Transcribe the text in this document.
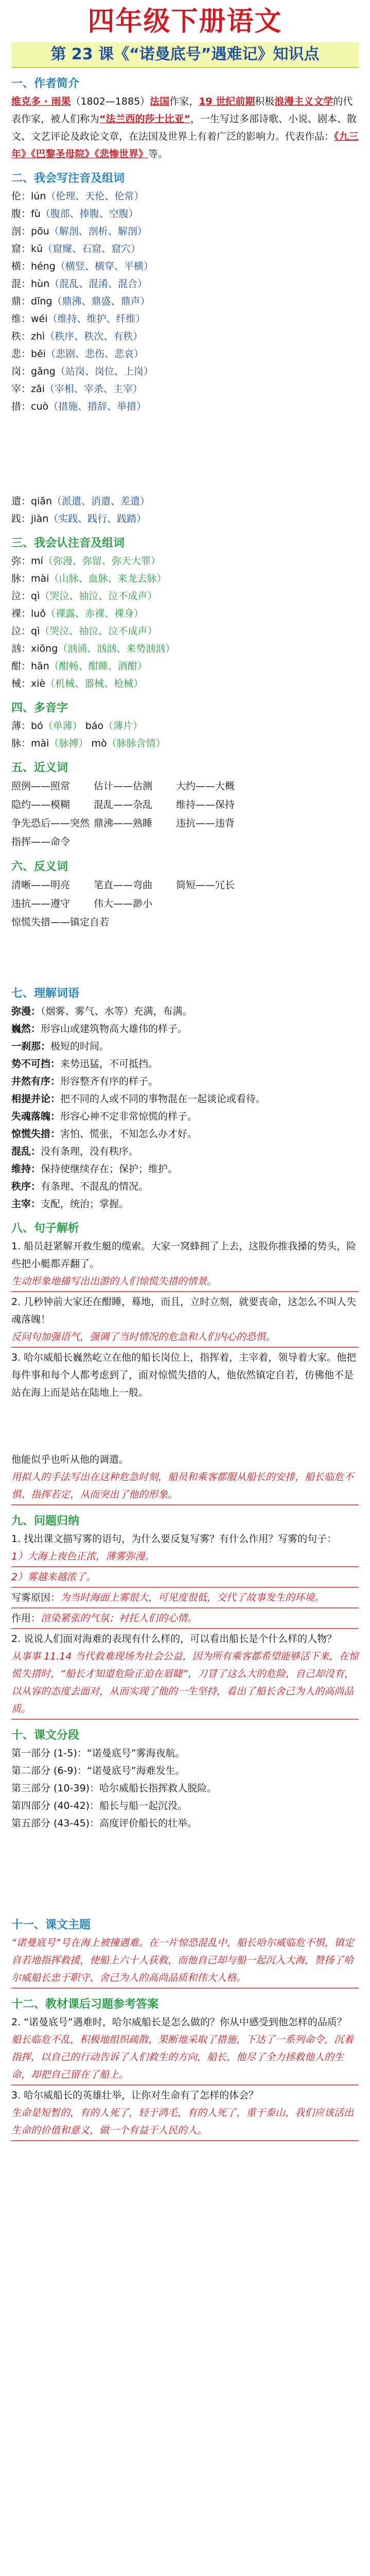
四年级下册语文
第 23 课《“诺曼底号”遇难记》知识点
一、作者简介

维克多 · 雨果（1802—1885）法国作家，19 世纪前期积极浪漫主义文学的代表作家，被人们称为“法兰西的莎士比亚”，一生写过多部诗歌、小说、剧本、散文、文艺评论及政论文章，在法国及世界上有着广泛的影响力。代表作品：《九三年》《巴黎圣母院》《悲惨世界》等。

二、我会写注音及组词
伦：lún（伦理、天伦、伦常）
腹：fù（腹部、捧腹、空腹）
剖：pōu（解剖、剖析、解剖）
窟：kū（窟窿、石窟、窟穴）
横：héng（横竖、横穿、平横）
混：hùn（混乱、混淆、混合）
鼎：dǐng（鼎沸、鼎盛、鼎声）
维：wéi（维持、维护、纤维）
秩：zhì（秩序、秩次、有秩）
悲：bēi（悲剧、悲伤、悲哀）
岗：gǎng（站岗、岗位、上岗）
宰：zǎi（宰相、宰杀、主宰）
措：cuò（措施、措辞、举措）
遣：qiǎn（派遣、消遣、差遣）
践：jiàn（实践、践行、践踏）
三、我会认注音及组词
弥：mí（弥漫、弥留、弥天大罪）
脉：mài（山脉、血脉、来龙去脉）
泣：qì（哭泣、抽泣、泣不成声）
裸：luǒ（裸露、赤裸、裸身）
泣：qì（哭泣、抽泣、泣不成声）
汹：xiōng（汹涌、汹汹、来势汹汹）
酣：hān（酣畅、酣睡、酒酣）
械：xiè（机械、器械、枪械）
四、多音字
薄：bó（单薄） báo（薄片）
脉：mài（脉搏） mò（脉脉含情）
五、近义词
照例——照常	估计——估测	大约——大概
隐约——模糊	混乱——杂乱	维持——保持
争先恐后——突然 鼎沸——熟睡	违抗——违背
指挥——命令
六、反义词
清晰——明亮	笔直——弯曲	简短——冗长
违抗——遵守	伟大——渺小
惊慌失措——镇定自若
七、理解词语

弥漫：（烟雾、雾气、水等）充满，布满。

巍然：形容山或建筑物高大雄伟的样子。

一刹那：极短的时间。

势不可挡：来势迅猛，不可抵挡。

井然有序：形容整齐有序的样子。

相提并论：把不同的人或不同的事物混在一起谈论或看待。

失魂落魄：形容心神不定非常惊慌的样子。

惊慌失措：害怕、慌张，不知怎么办才好。

混乱：没有条理，没有秩序。

维持：保持使继续存在；保护；维护。

秩序：有条理、不混乱的情况。

主宰：支配，统治；掌握。

八、句子解析

1. 船员赶紧解开救生艇的缆索。大家一窝蜂拥了上去，这股你推我搡的势头，险些把小艇都弄翻了。

生动形象地描写出出游的人们惊慌失措的情景。

2. 几秒钟前大家还在酣睡，蓦地，而且，立时立刻，就要丧命，这怎么不叫人失魂落魄！

反问句加强语气，强调了当时情况的危急和人们内心的恐惧。

3. 哈尔威船长巍然屹立在他的船长岗位上，指挥着，主宰着，领导着大家。他把每件事和每个人都考虑到了，面对惊慌失措的人，他依然镇定自若，仿佛他不是站在海上而是站在陆地上一般。

他能似乎也听从他的调遣。

用拟人的手法写出在这种危急时刻，船员和乘客都服从船长的安排，船长临危不惧、指挥若定，从而突出了他的形象。
九、问题归纳

1. 找出课文描写雾的语句，为什么要反复写雾？有什么作用？写雾的句子：

1）大海上夜色正浓，薄雾弥漫。
2）雾越来越浓了。

写雾原因：为当时海面上雾很大，可见度很低，交代了故事发生的环境。

作用：渲染紧张的气氛；衬托人们的心情。

2. 说说人们面对海难的表现有什么样的，可以看出船长是个什么样的人物？

从事事 11.14 当代救难现场为社会公益，因为所有乘客都希望能够活下来，在惊慌失措时，“船长才知道危险正迫在眉睫”，刀冒了这么大的危险，自己却没有，以从容的态度去面对，从而实现了他的一生坚持，看出了船长舍己为人的高尚品质。
十、课文分段

第一部分 (1-5)：“诺曼底号”雾海夜航。

第二部分 (6-9)：“诺曼底号”海难发生。

第三部分 (10-39)：哈尔威船长指挥救人脱险。

第四部分 (40-42)：船长与船一起沉没。

第五部分 (43-45)：高度评价船长的壮举。

十一、课文主题
“诺曼底号”号在海上被撞遇难。在一片惊恐混乱中，船长哈尔威临危不惧，镇定自若地指挥救援，使船上六十人获救，而他自己却与船一起沉入大海，赞扬了哈尔威船长忠于职守、舍己为人的高尚品质和伟大人格。
十二、教材课后习题参考答案

2. “诺曼底号”遇难时，哈尔威船长是怎么做的？你从中感受到他怎样的品质？

船长临危不乱，积极地组织疏散，果断地采取了措施，下达了一系列命令，沉着指挥，以自己的行动告诉了人们救生的方向，船长，他尽了全力拯救他人的生命，却把自己留在了船上。

3. 哈尔威船长的英雄壮举，让你对生命有了怎样的体会？

生命是短暂的，有的人死了，轻于鸿毛，有的人死了，重于泰山，我们应该活出生命的价值和意义，做一个有益于人民的人。
